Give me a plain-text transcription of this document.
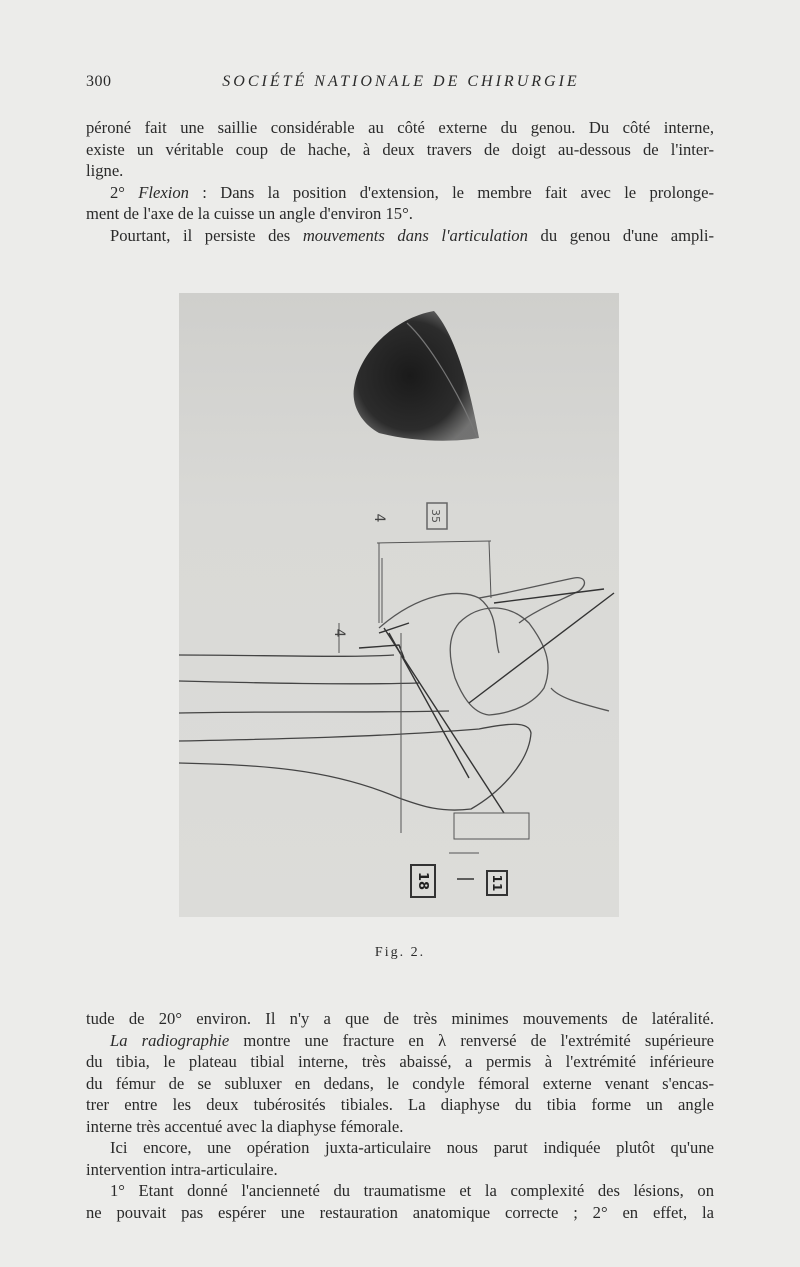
300	SOCIÉTÉ NATIONALE DE CHIRURGIE
péroné fait une saillie considérable au côté externe du genou. Du côté interne,
existe un véritable coup de hache, à deux travers de doigt au-dessous de l'inter-
ligne.
2° Flexion : Dans la position d'extension, le membre fait avec le prolonge-
ment de l'axe de la cuisse un angle d'environ 15°.
Pourtant, il persiste des mouvements dans l'articulation du genou d'une ampli-
35
4
4
18	11
Fig. 2.
tude de 20° environ. Il n'y a que de très minimes mouvements de latéralité.
La radiographie montre une fracture en λ renversé de l'extrémité supérieure
du tibia, le plateau tibial interne, très abaissé, a permis à l'extrémité inférieure
du fémur de se subluxer en dedans, le condyle fémoral externe venant s'encas-
trer entre les deux tubérosités tibiales. La diaphyse du tibia forme un angle
interne très accentué avec la diaphyse fémorale.
Ici encore, une opération juxta-articulaire nous parut indiquée plutôt qu'une
intervention intra-articulaire.
1° Etant donné l'ancienneté du traumatisme et la complexité des lésions, on
ne pouvait pas espérer une restauration anatomique correcte ; 2° en effet, la
